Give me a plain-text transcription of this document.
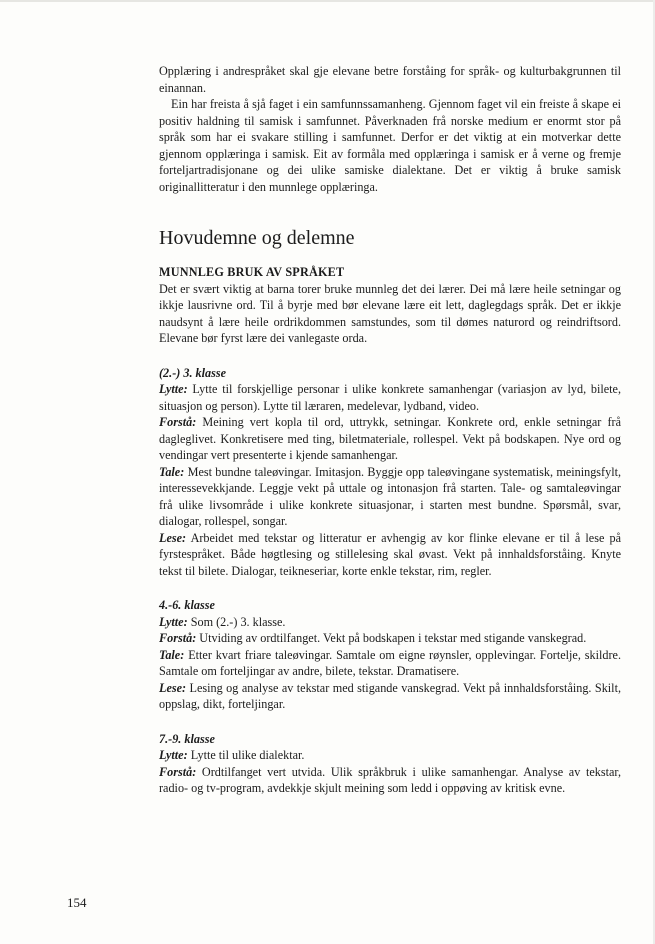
Opplæring i andrespråket skal gje elevane betre forståing for språk- og kulturbakgrunnen til einannan.

Ein har freista å sjå faget i ein samfunnssamanheng. Gjennom faget vil ein freiste å skape ei positiv haldning til samisk i samfunnet. Påverknaden frå norske medium er enormt stor på språk som har ei svakare stilling i samfunnet. Derfor er det viktig at ein motverkar dette gjennom opplæringa i samisk. Eit av formåla med opplæringa i samisk er å verne og fremje forteljartradisjonane og dei ulike samiske dialektane. Det er viktig å bruke samisk originallitteratur i den munnlege opplæringa.

Hovudemne og delemne
MUNNLEG BRUK AV SPRÅKET

Det er svært viktig at barna torer bruke munnleg det dei lærer. Dei må lære heile setningar og ikkje lausrivne ord. Til å byrje med bør elevane lære eit lett, daglegdags språk. Det er ikkje naudsynt å lære heile ordrikdommen samstundes, som til dømes naturord og reindriftsord. Elevane bør fyrst lære dei vanlegaste orda.

(2.-) 3. klasse

Lytte: Lytte til forskjellige personar i ulike konkrete samanhengar (variasjon av lyd, bilete, situasjon og person). Lytte til læraren, medelevar, lydband, video.

Forstå: Meining vert kopla til ord, uttrykk, setningar. Konkrete ord, enkle setningar frå dagleglivet. Konkretisere med ting, biletmateriale, rollespel. Vekt på bodskapen. Nye ord og vendingar vert presenterte i kjende samanhengar.

Tale: Mest bundne taleøvingar. Imitasjon. Byggje opp taleøvingane systematisk, meiningsfylt, interessevekkjande. Leggje vekt på uttale og intonasjon frå starten. Tale- og samtaleøvingar frå ulike livsområde i ulike konkrete situasjonar, i starten mest bundne. Spørsmål, svar, dialogar, rollespel, songar.

Lese: Arbeidet med tekstar og litteratur er avhengig av kor flinke elevane er til å lese på fyrstespråket. Både høgtlesing og stillelesing skal øvast. Vekt på innhaldsforståing. Knyte tekst til bilete. Dialogar, teikneseriar, korte enkle tekstar, rim, regler.

4.-6. klasse

Lytte: Som (2.-) 3. klasse.

Forstå: Utviding av ordtilfanget. Vekt på bodskapen i tekstar med stigande vanskegrad.

Tale: Etter kvart friare taleøvingar. Samtale om eigne røynsler, opplevingar. Fortelje, skildre. Samtale om forteljingar av andre, bilete, tekstar. Dramatisere.

Lese: Lesing og analyse av tekstar med stigande vanskegrad. Vekt på innhaldsforståing. Skilt, oppslag, dikt, forteljingar.

7.-9. klasse

Lytte: Lytte til ulike dialektar.

Forstå: Ordtilfanget vert utvida. Ulik språkbruk i ulike samanhengar. Analyse av tekstar, radio- og tv-program, avdekkje skjult meining som ledd i oppøving av kritisk evne.

154
